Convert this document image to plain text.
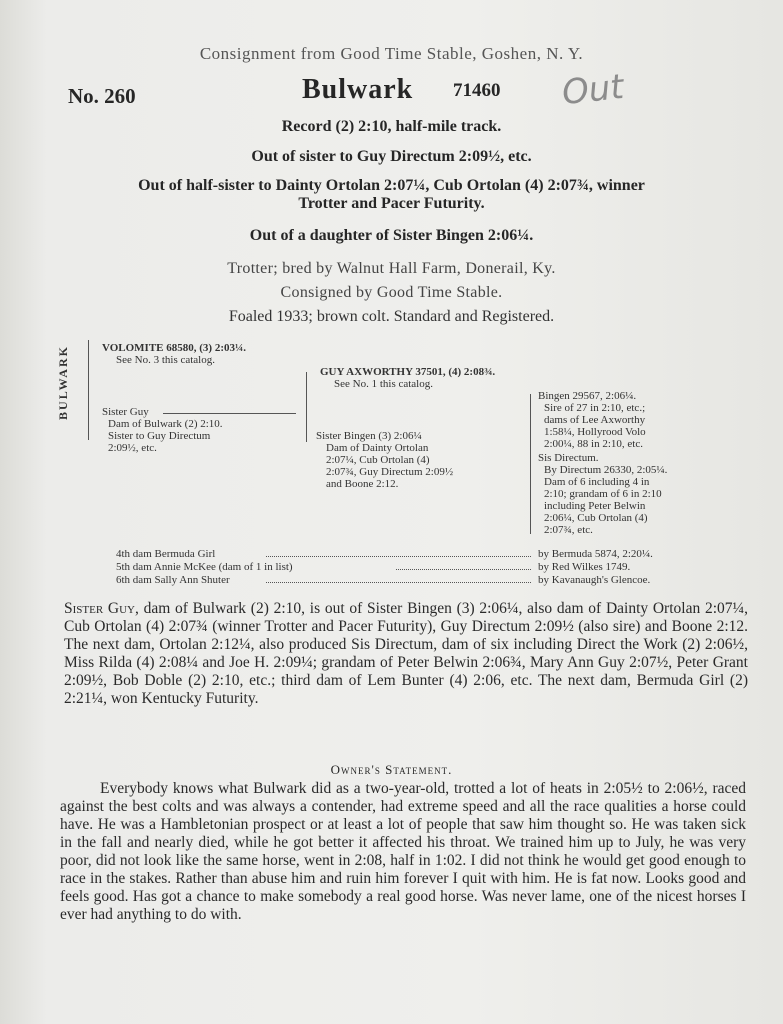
Consignment from Good Time Stable, Goshen, N. Y.
No. 260	Bulwark 71460 Out
Record (2) 2:10, half-mile track.
Out of sister to Guy Directum 2:09½, etc.
Out of half-sister to Dainty Ortolan 2:07¼, Cub Ortolan (4) 2:07¾, winner
Trotter and Pacer Futurity.
Out of a daughter of Sister Bingen 2:06¼.
Trotter; bred by Walnut Hall Farm, Donerail, Ky.
Consigned by Good Time Stable.
Foaled 1933; brown colt. Standard and Registered.
BULWARK	VOLOMITE 68580, (3) 2:03¼.
See No. 3 this catalog.
Sister Guy
Dam of Bulwark (2) 2:10.
Sister to Guy Directum
2:09½, etc.
GUY AXWORTHY 37501, (4) 2:08¾.
See No. 1 this catalog.
Sister Bingen (3) 2:06¼
Dam of Dainty Ortolan
2:07¼, Cub Ortolan (4)
2:07¾, Guy Directum 2:09½
and Boone 2:12.
Bingen 29567, 2:06¼.
Sire of 27 in 2:10, etc.;
dams of Lee Axworthy
1:58¼, Hollyrood Volo
2:00¼, 88 in 2:10, etc.
Sis Directum.
By Directum 26330, 2:05¼.
Dam of 6 including 4 in
2:10; grandam of 6 in 2:10
including Peter Belwin
2:06¼, Cub Ortolan (4)
2:07¾, etc.
4th dam Bermuda Girl	by Bermuda 5874, 2:20¼.
5th dam Annie McKee (dam of 1 in list)	by Red Wilkes 1749.
6th dam Sally Ann Shuter	by Kavanaugh's Glencoe.
Sister Guy, dam of Bulwark (2) 2:10, is out of Sister Bingen (3) 2:06¼, also dam of Dainty Ortolan 2:07¼, Cub Ortolan (4) 2:07¾ (winner Trotter and Pacer Futurity), Guy Directum 2:09½ (also sire) and Boone 2:12. The next dam, Ortolan 2:12¼, also produced Sis Directum, dam of six including Direct the Work (2) 2:06½, Miss Rilda (4) 2:08¼ and Joe H. 2:09¼; grandam of Peter Belwin 2:06¾, Mary Ann Guy 2:07½, Peter Grant 2:09½, Bob Doble (2) 2:10, etc.; third dam of Lem Bunter (4) 2:06, etc. The next dam, Bermuda Girl (2) 2:21¼, won Kentucky Futurity.
Owner's Statement.
Everybody knows what Bulwark did as a two-year-old, trotted a lot of heats in 2:05½ to 2:06½, raced against the best colts and was always a contender, had extreme speed and all the race qualities a horse could have. He was a Hambletonian prospect or at least a lot of people that saw him thought so. He was taken sick in the fall and nearly died, while he got better it affected his throat. We trained him up to July, he was very poor, did not look like the same horse, went in 2:08, half in 1:02. I did not think he would get good enough to race in the stakes. Rather than abuse him and ruin him forever I quit with him. He is fat now. Looks good and feels good. Has got a chance to make somebody a real good horse. Was never lame, one of the nicest horses I ever had anything to do with.
